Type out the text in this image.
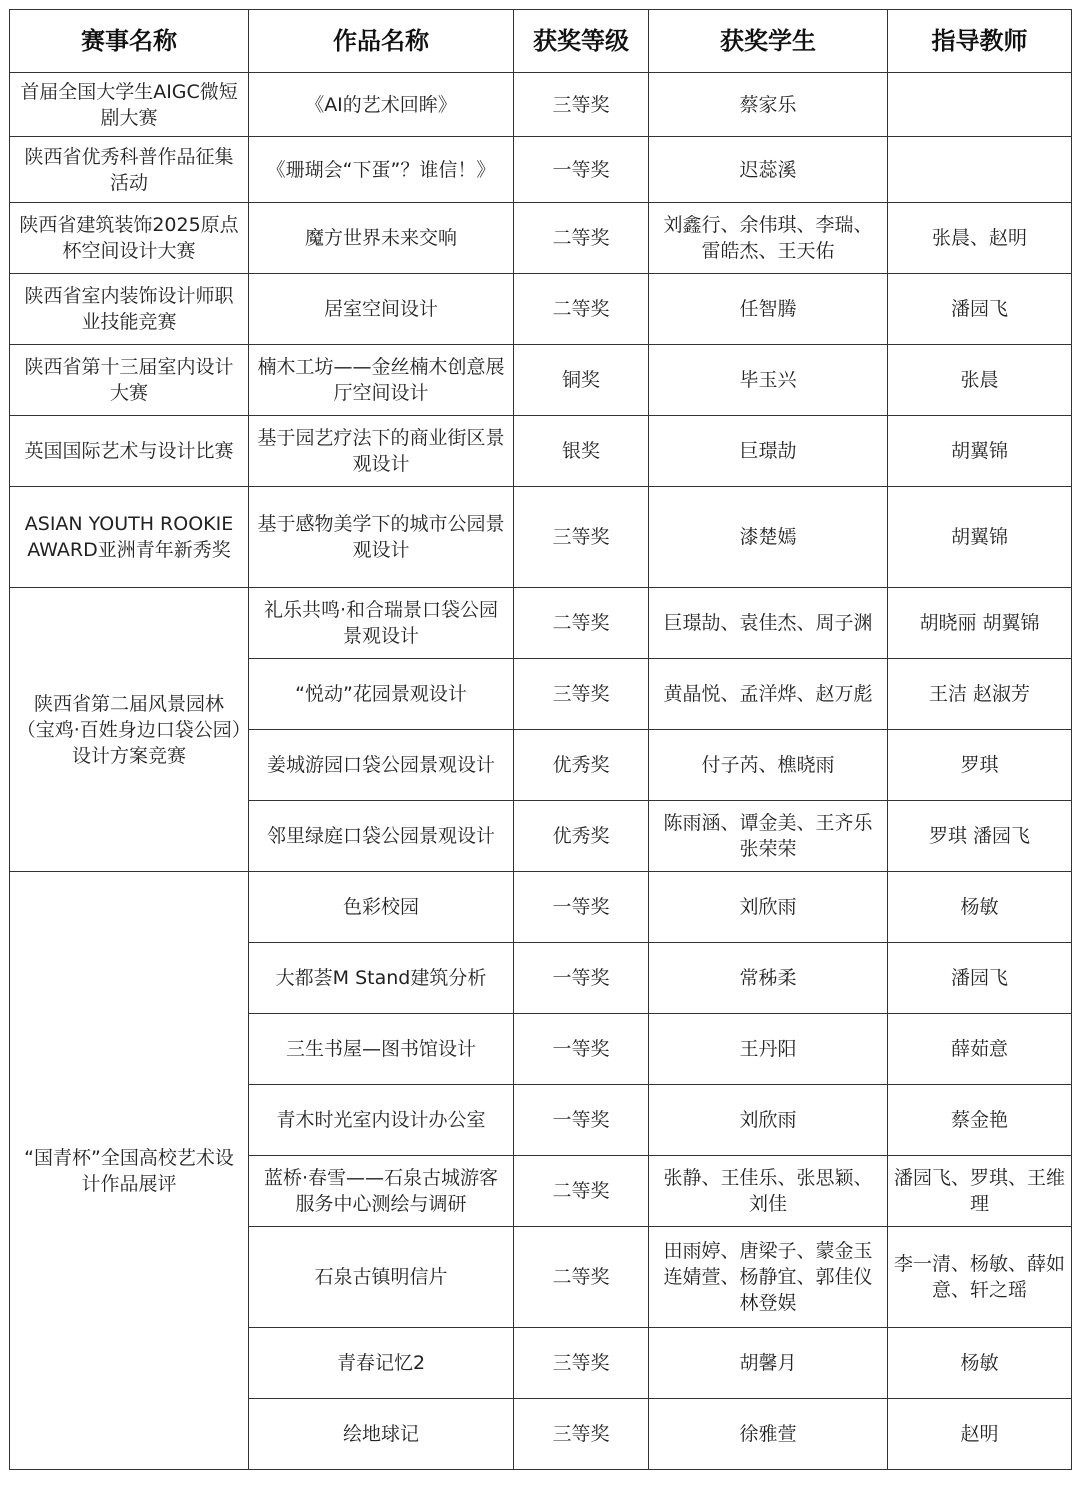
赛事名称	作品名称	获奖等级	获奖学生	指导教师
首届全国大学生AIGC微短剧大赛	《AI的艺术回眸》	三等奖	蔡家乐	
陕西省优秀科普作品征集活动	《珊瑚会“下蛋”？谁信！》	一等奖	迟蕊溪	
陕西省建筑装饰2025原点杯空间设计大赛	魔方世界未来交响	二等奖	刘鑫行、余伟琪、李瑞、雷皓杰、王天佑	张晨、赵明
陕西省室内装饰设计师职业技能竞赛	居室空间设计	二等奖	任智腾	潘园飞
陕西省第十三届室内设计大赛	楠木工坊——金丝楠木创意展厅空间设计	铜奖	毕玉兴	张晨
英国国际艺术与设计比赛	基于园艺疗法下的商业街区景观设计	银奖	巨璟劼	胡翼锦
ASIAN YOUTH ROOKIE AWARD亚洲青年新秀奖	基于感物美学下的城市公园景观设计	三等奖	漆楚嫣	胡翼锦
陕西省第二届风景园林（宝鸡·百姓身边口袋公园）设计方案竞赛	礼乐共鸣·和合瑞景口袋公园景观设计	二等奖	巨璟劼、袁佳杰、周子渊	胡晓丽 胡翼锦
	“悦动”花园景观设计	三等奖	黄晶悦、孟洋烨、赵万彪	王洁 赵淑芳
	姜城游园口袋公园景观设计	优秀奖	付子芮、樵晓雨	罗琪
	邻里绿庭口袋公园景观设计	优秀奖	陈雨涵、谭金美、王齐乐张荣荣	罗琪 潘园飞
“国青杯”全国高校艺术设计作品展评	色彩校园	一等奖	刘欣雨	杨敏
	大都荟M Stand建筑分析	一等奖	常秭柔	潘园飞
	三生书屋—图书馆设计	一等奖	王丹阳	薛茹意
	青木时光室内设计办公室	一等奖	刘欣雨	蔡金艳
	蓝桥·春雪——石泉古城游客服务中心测绘与调研	二等奖	张静、王佳乐、张思颖、刘佳	潘园飞、罗琪、王维理
	石泉古镇明信片	二等奖	田雨婷、唐梁子、蒙金玉连婧萱、杨静宜、郭佳仪林登娱	李一清、杨敏、薛如意、轩之瑶
	青春记忆2	三等奖	胡馨月	杨敏
	绘地球记	三等奖	徐雅萱	赵明
